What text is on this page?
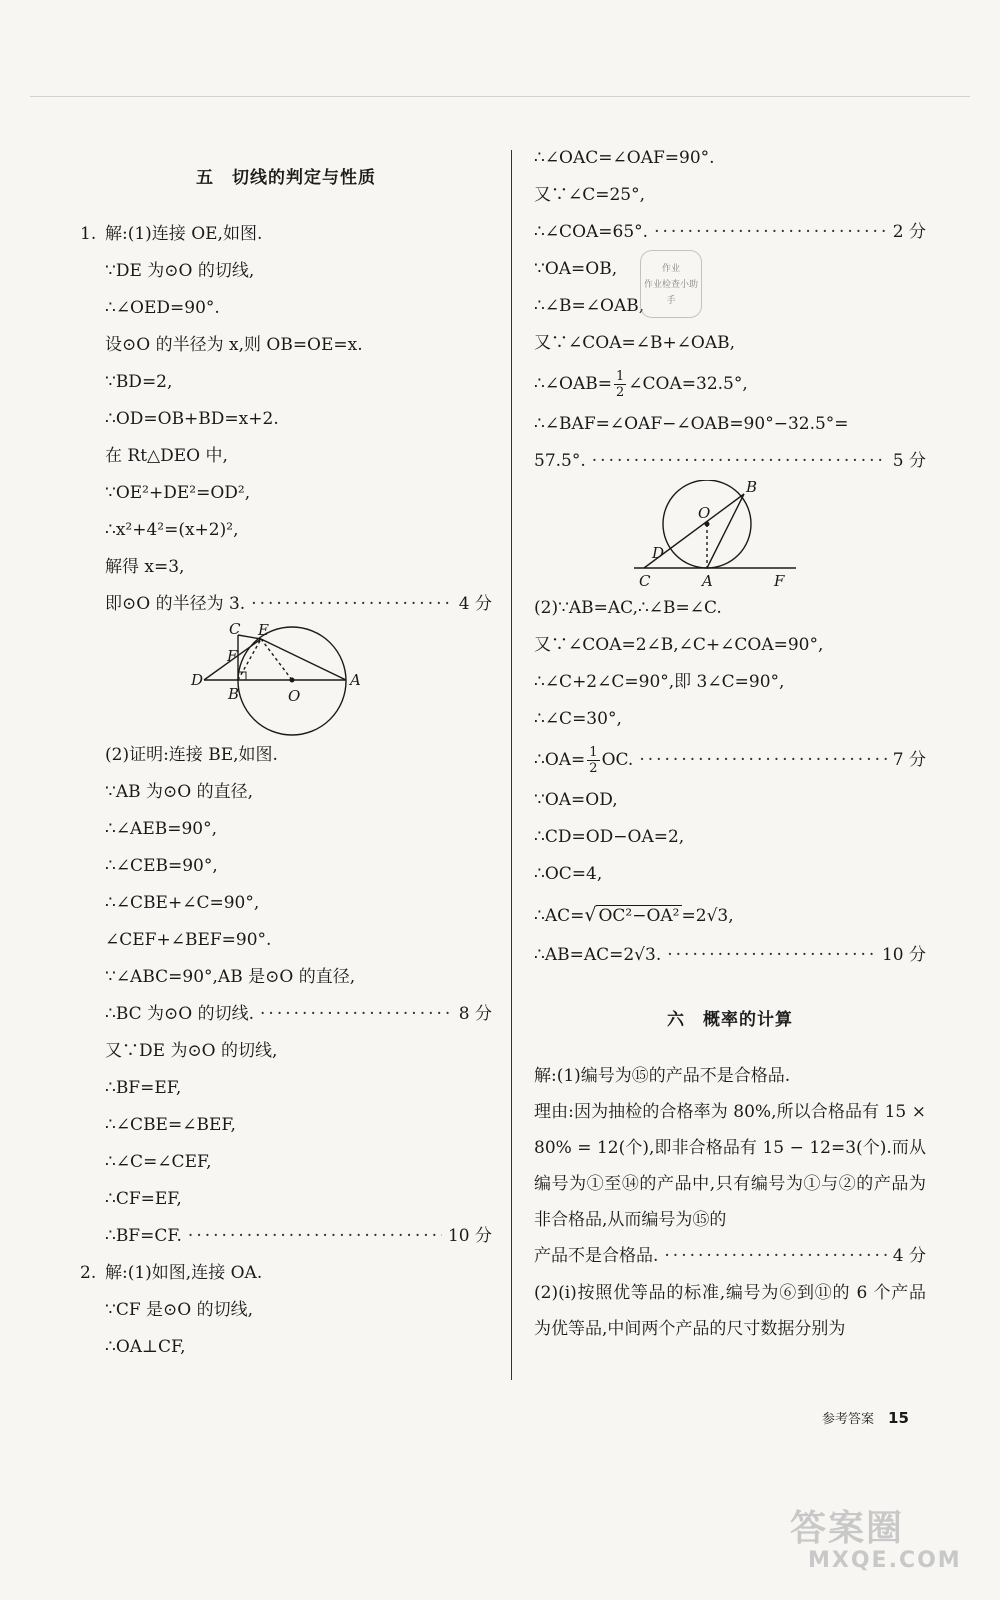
五　切线的判定与性质
1. 解:(1)连接 OE,如图.
∵DE 为⊙O 的切线,
∴∠OED=90°.
设⊙O 的半径为 x,则 OB=OE=x.
∵BD=2,
∴OD=OB+BD=x+2.
在 Rt△DEO 中,
∵OE²+DE²=OD²,
∴x²+4²=(x+2)²,
解得 x=3,
即⊙O 的半径为 3. ·····	4 分
C E
F
D
B	O
A
(2)证明:连接 BE,如图.
∵AB 为⊙O 的直径,
∴∠AEB=90°,
∴∠CEB=90°,
∴∠CBE+∠C=90°,
∠CEF+∠BEF=90°.
∵∠ABC=90°,AB 是⊙O 的直径,
∴BC 为⊙O 的切线. ·····	8 分
又∵DE 为⊙O 的切线,
∴BF=EF,
∴∠CBE=∠BEF,
∴∠C=∠CEF,
∴CF=EF,
∴BF=CF. ·····	10 分
2. 解:(1)如图,连接 OA.
∵CF 是⊙O 的切线,
∴OA⊥CF,
∴∠OAC=∠OAF=90°.
又∵∠C=25°,
∴∠COA=65°. ·····	2 分
∵OA=OB,
∴∠B=∠OAB,
又∵∠COA=∠B+∠OAB,
∴∠OAB= $\frac{1}{2}$ ∠COA=32.5°,
∴∠BAF=∠OAF−∠OAB=90°−32.5°=
57.5°. ·····	5 分
O
B
D
C	A	F
(2)∵AB=AC,∴∠B=∠C.
又∵∠COA=2∠B,∠C+∠COA=90°,
∴∠C+2∠C=90°,即 3∠C=90°,
∴∠C=30°,
∴OA= $\frac{1}{2}$ OC. ·····	7 分
∵OA=OD,
∴CD=OD−OA=2,
∴OC=4,
∴AC=√ OC²−OA² =2√3,
∴AB=AC=2√3. ·····	10 分
六　概率的计算

解:(1)编号为⑮的产品不是合格品.

理由:因为抽检的合格率为 80%,所以合格品有 15 × 80% = 12(个),即非合格品有 15 − 12=3(个).而从编号为①至⑭的产品中,只有编号为①与②的产品为非合格品,从而编号为⑮的

产品不是合格品. ·····	4 分

(2)(i)按照优等品的标准,编号为⑥到⑪的 6 个产品为优等品,中间两个产品的尺寸数据分别为

作业
作业检查小助手
参考答案 15
答案圈
MXQE.COM
